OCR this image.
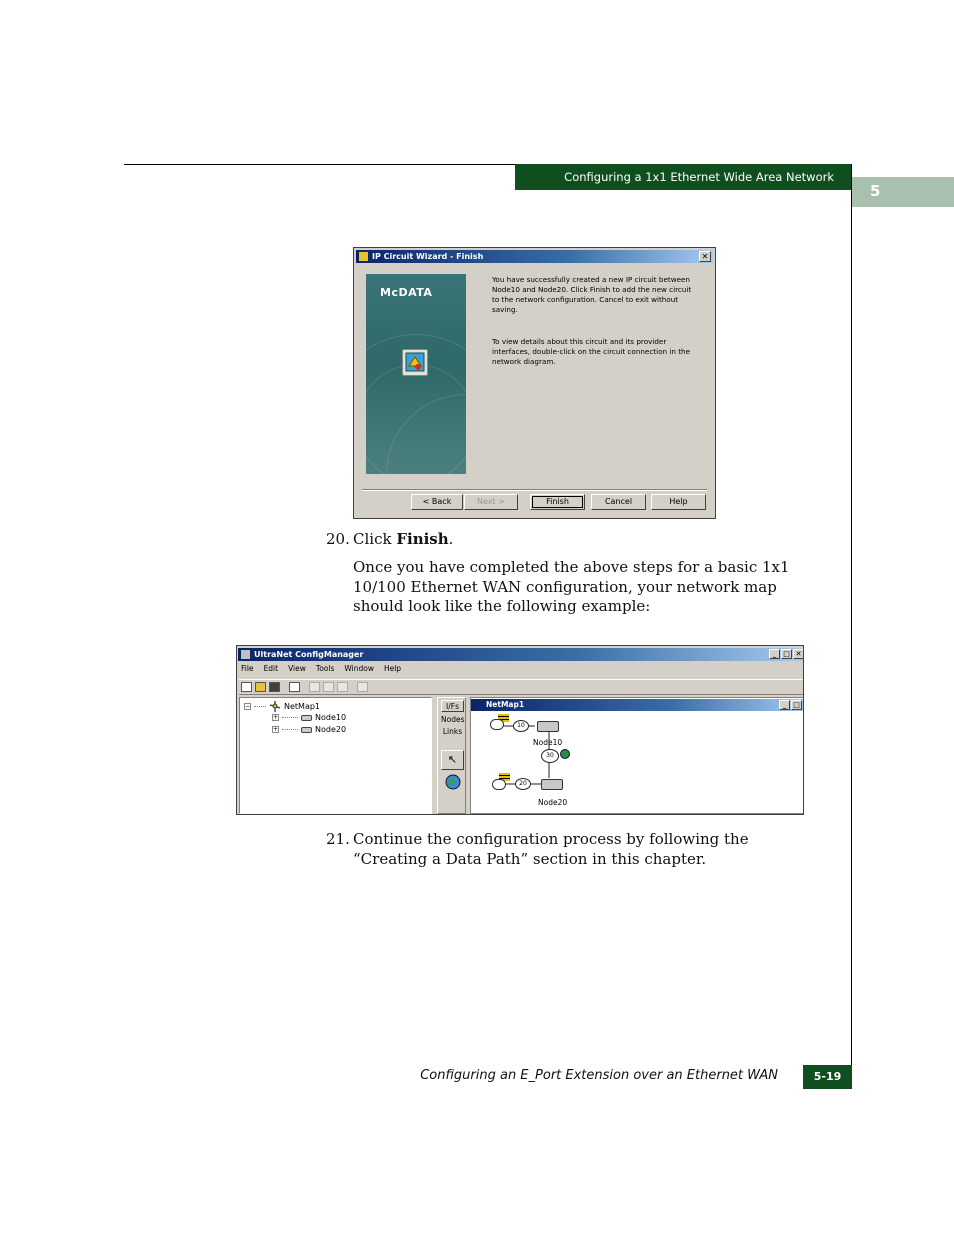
Configuring a 1x1 Ethernet Wide Area Network
5
IP Circuit Wizard - Finish	✕
McDATA
You have successfully created a new IP circuit between Node10 and Node20. Click Finish to add the new circuit to the network configuration. Cancel to exit without saving.
To view details about this circuit and its provider interfaces, double-click on the circuit connection in the network diagram.
< Back	Next >	Finish	Cancel	Help
20. Click Finish.
Once you have completed the above steps for a basic 1x1 10/100 Ethernet WAN configuration, your network map should look like the following example:
UltraNet ConfigManager	_ □ ✕
File Edit View Tools Window Help
−	NetMap1
+	Node10
+	Node20
I/Fs
Nodes
Links
↖
NetMap1	_ □
10
Node10
30
20
Node20
21. Continue the configuration process by following the “Creating a Data Path” section in this chapter.
Configuring an E_Port Extension over an Ethernet WAN	5-19
